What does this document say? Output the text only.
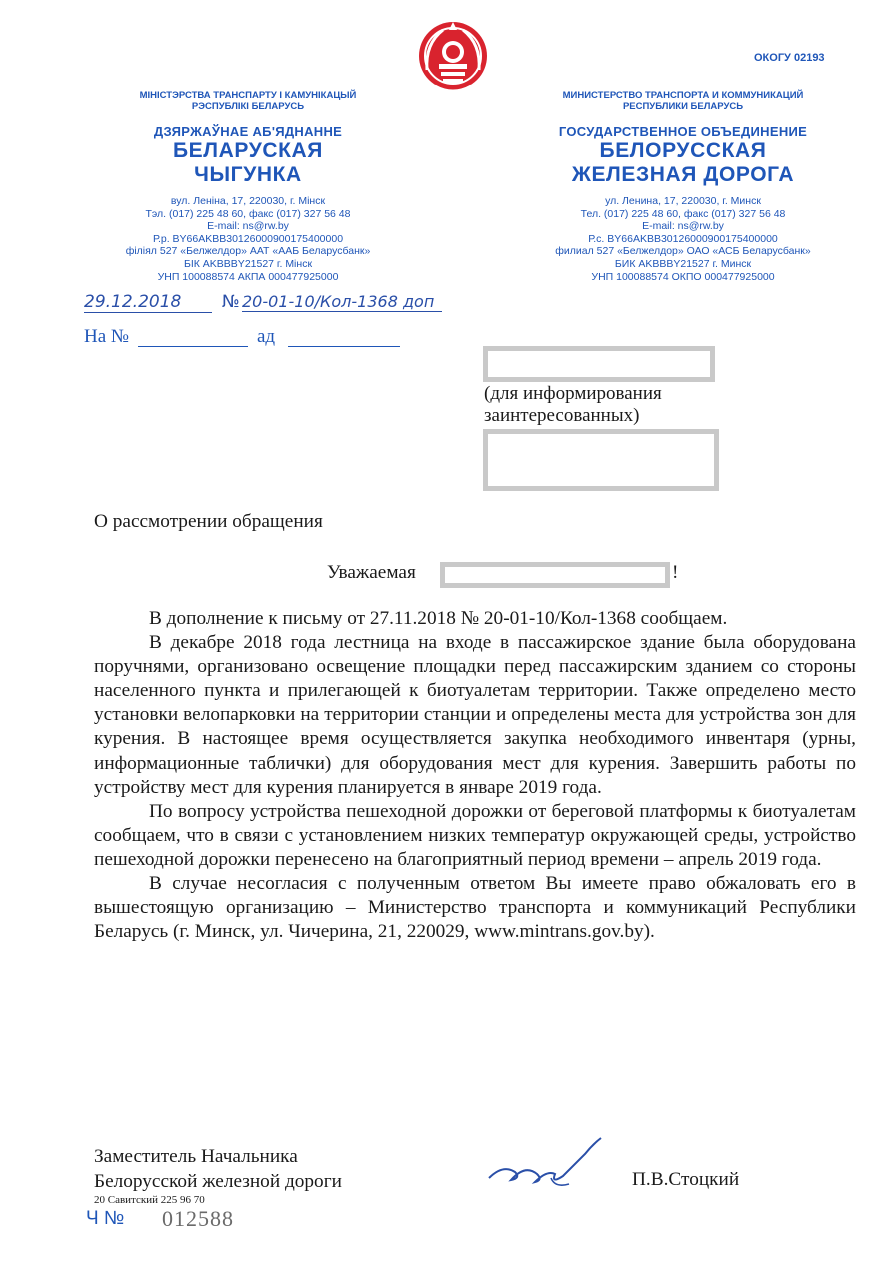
ОКОГУ 02193
МІНІСТЭРСТВА ТРАНСПАРТУ І КАМУНІКАЦЫЙ
РЭСПУБЛІКІ БЕЛАРУСЬ
ДЗЯРЖАЎНАЕ АБ'ЯДНАННЕ
БЕЛАРУСКАЯ
ЧЫГУНКА
вул. Леніна, 17, 220030, г. Мінск
Тэл. (017) 225 48 60, факс (017) 327 56 48
E-mail: ns@rw.by
Р.р. BY66AKBB30126000900175400000
філіял 527 «Белжелдор» ААТ «ААБ Беларусбанк»
БІК AKBBBY21527 г. Мінск
УНП 100088574 АКПА 000477925000
МИНИСТЕРСТВО ТРАНСПОРТА И КОММУНИКАЦИЙ
РЕСПУБЛИКИ БЕЛАРУСЬ
ГОСУДАРСТВЕННОЕ ОБЪЕДИНЕНИЕ
БЕЛОРУССКАЯ
ЖЕЛЕЗНАЯ ДОРОГА
ул. Ленина, 17, 220030, г. Минск
Тел. (017) 225 48 60, факс (017) 327 56 48
E-mail: ns@rw.by
Р.с. BY66AKBB30126000900175400000
филиал 527 «Белжелдор» ОАО «АСБ Беларусбанк»
БИК AKBBBY21527 г. Минск
УНП 100088574 ОКПО 000477925000
29.12.2018	№ 20-01-10/Кол-1368 доп
На №	ад
(для информирования заинтересованных)
О рассмотрении обращения
Уважаемая	!

В дополнение к письму от 27.11.2018 № 20-01-10/Кол-1368 сообщаем.

В декабре 2018 года лестница на входе в пассажирское здание была оборудована поручнями, организовано освещение площадки перед пассажирским зданием со стороны населенного пункта и прилегающей к биотуалетам территории. Также определено место установки велопарковки на территории станции и определены места для устройства зон для курения. В настоящее время осуществляется закупка необходимого инвентаря (урны, информационные таблички) для оборудования мест для курения. Завершить работы по устройству мест для курения планируется в январе 2019 года.

По вопросу устройства пешеходной дорожки от береговой платформы к биотуалетам сообщаем, что в связи с установлением низких температур окружающей среды, устройство пешеходной дорожки перенесено на благоприятный период времени – апрель 2019 года.

В случае несогласия с полученным ответом Вы имеете право обжаловать его в вышестоящую организацию – Министерство транспорта и коммуникаций Республики Беларусь (г. Минск, ул. Чичерина, 21, 220029, www.mintrans.gov.by).

Заместитель Начальника
Белорусской железной дороги	П.В.Стоцкий
20 Савитский 225 96 70
Ч № 012588
